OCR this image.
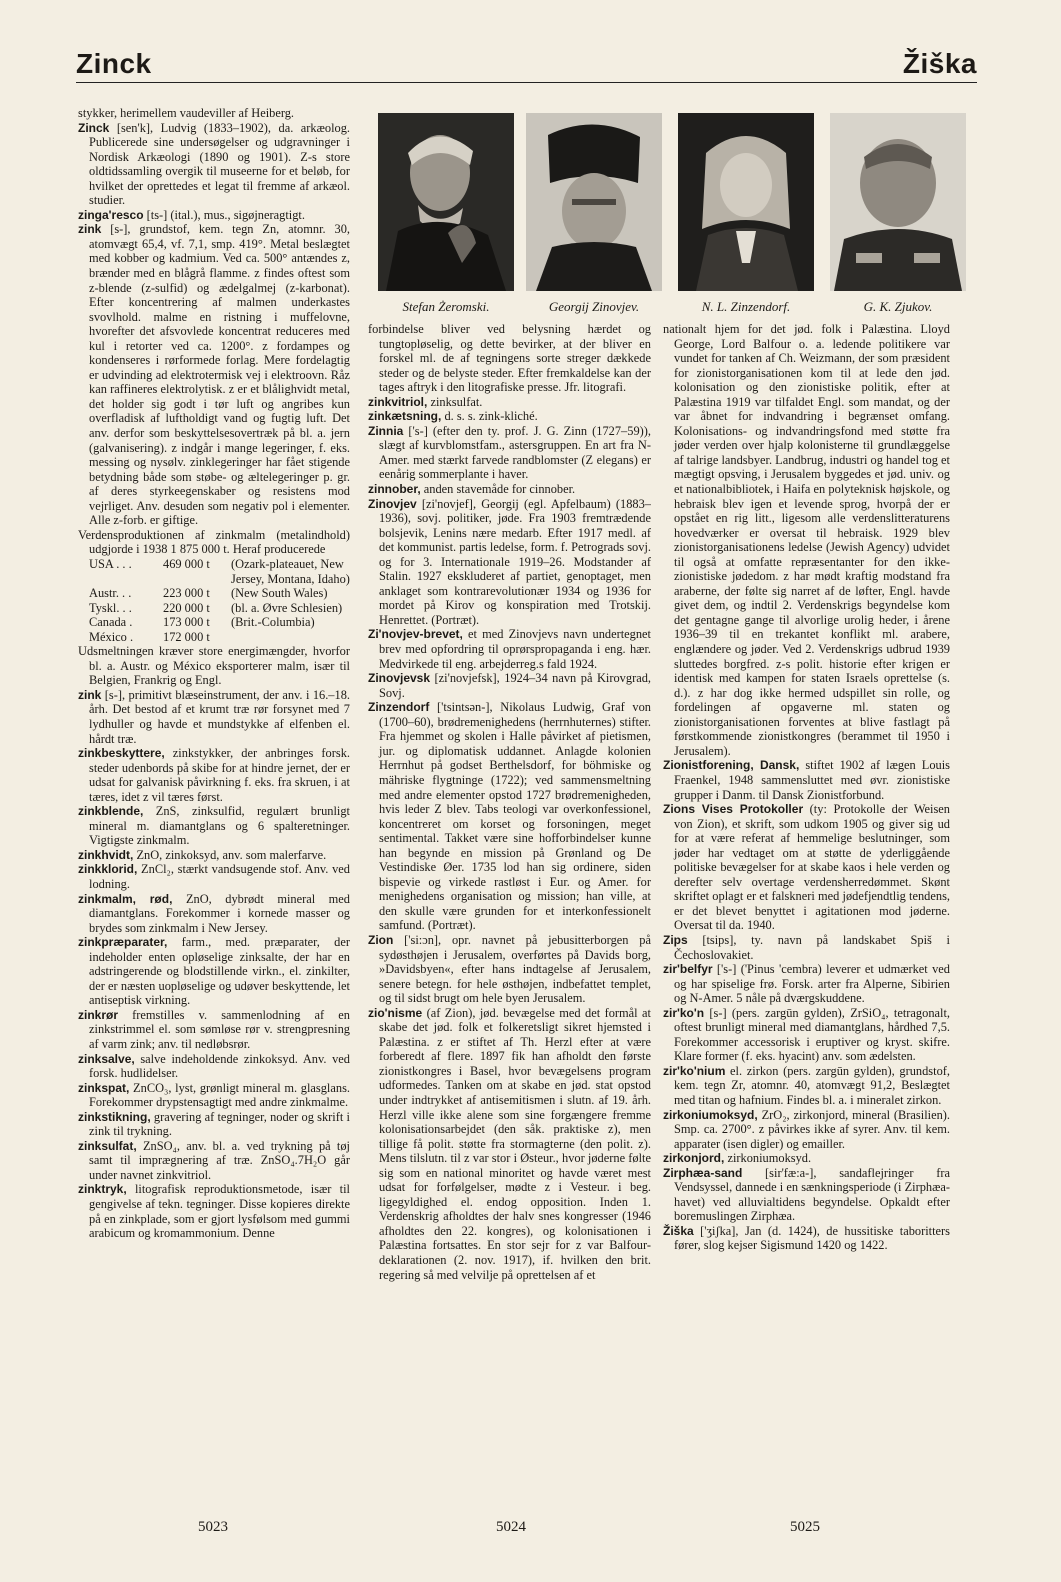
Zinck	Žiška
Stefan Żeromski.	Georgij Zinovjev.	N. L. Zinzendorf.	G. K. Zjukov.
stykker, herimellem vaudeviller af Heiberg.
Zinck [sen'k], Ludvig (1833–1902), da. arkæolog. Publicerede sine undersøgelser og udgravninger i Nordisk Arkæologi (1890 og 1901). Z-s store oldtidssamling overgik til museerne for et beløb, for hvilket der oprettedes et legat til fremme af arkæol. studier.
zinga'resco [ts-] (ital.), mus., sigøjneragtigt.
zink [s-], grundstof, kem. tegn Zn, atomnr. 30, atomvægt 65,4, vf. 7,1, smp. 419°. Metal beslægtet med kobber og kadmium. Ved ca. 500° antændes z, brænder med en blågrå flamme. z findes oftest som z-blende (z-sulfid) og ædelgalmej (z-karbonat). Efter koncentrering af malmen underkastes svovlhold. malme en ristning i muffelovne, hvorefter det afsvovlede koncentrat reduceres med kul i retorter ved ca. 1200°. z fordampes og kondenseres i rørformede forlag. Mere fordelagtig er udvinding ad elektrotermisk vej i elektroovn. Råz kan raffineres elektrolytisk. z er et blålighvidt metal, det holder sig godt i tør luft og angribes kun overfladisk af luftholdigt vand og fugtig luft. Det anv. derfor som beskyttelsesovertræk på bl. a. jern (galvanisering). z indgår i mange legeringer, f. eks. messing og nysølv. zinklegeringer har fået stigende betydning både som støbe- og æltelegeringer p. gr. af deres styrkeegenskaber og resistens mod vejrliget. Anv. desuden som negativ pol i elementer. Alle z-forb. er giftige.
Verdensproduktionen af zinkmalm (metalindhold) udgjorde i 1938 1 875 000 t. Heraf producerede
USA . . .	469 000 t	(Ozark-plateauet, New Jersey, Montana, Idaho)
Austr. . .	223 000 t	(New South Wales)
Tyskl. . .	220 000 t	(bl. a. Øvre Schlesien)
Canada .	173 000 t	(Brit.-Columbia)
México .	172 000 t
Udsmeltningen kræver store energimængder, hvorfor bl. a. Austr. og México eksporterer malm, især til Belgien, Frankrig og Engl.
zink [s-], primitivt blæseinstrument, der anv. i 16.–18. årh. Det bestod af et krumt træ rør forsynet med 7 lydhuller og havde et mundstykke af elfenben el. hårdt træ.
zinkbeskyttere, zinkstykker, der anbringes forsk. steder udenbords på skibe for at hindre jernet, der er udsat for galvanisk påvirkning f. eks. fra skruen, i at tæres, idet z vil tæres først.
zinkblende, ZnS, zinksulfid, regulært brunligt mineral m. diamantglans og 6 spalteretninger. Vigtigste zinkmalm.
zinkhvidt, ZnO, zinkoksyd, anv. som malerfarve.
zinkklorid, ZnCl₂, stærkt vandsugende stof. Anv. ved lodning.
zinkmalm, rød, ZnO, dybrødt mineral med diamantglans. Forekommer i kornede masser og brydes som zinkmalm i New Jersey.
zinkpræparater, farm., med. præparater, der indeholder enten opløselige zinksalte, der har en adstringerende og blodstillende virkn., el. zinkilter, der er næsten uopløselige og udøver beskyttende, let antiseptisk virkning.
zinkrør fremstilles v. sammenlodning af en zinkstrimmel el. som sømløse rør v. strengpresning af varm zink; anv. til nedløbsrør.
zinksalve, salve indeholdende zinkoksyd. Anv. ved forsk. hudlidelser.
zinkspat, ZnCO₃, lyst, grønligt mineral m. glasglans. Forekommer drypstensagtigt med andre zinkmalme.
zinkstikning, gravering af tegninger, noder og skrift i zink til trykning.
zinksulfat, ZnSO₄, anv. bl. a. ved trykning på tøj samt til imprægnering af træ. ZnSO₄.7H₂O går under navnet zinkvitriol.
zinktryk, litografisk reproduktionsmetode, især til gengivelse af tekn. tegninger. Disse kopieres direkte på en zinkplade, som er gjort lysfølsom med gummi arabicum og kromammonium. Denne
forbindelse bliver ved belysning hærdet og tungtopløselig, og dette bevirker, at der bliver en forskel ml. de af tegningens sorte streger dækkede steder og de belyste steder. Efter fremkaldelse kan der tages aftryk i den litografiske presse. Jfr. litografi.
zinkvitriol, zinksulfat.
zinkætsning, d. s. s. zink-kliché.
Zinnia ['s-] (efter den ty. prof. J. G. Zinn (1727–59)), slægt af kurvblomstfam., astersgruppen. En art fra N-Amer. med stærkt farvede randblomster (Z elegans) er eenårig sommerplante i haver.
zinnober, anden stavemåde for cinnober.
Zinovjev [zi'novjef], Georgij (egl. Apfelbaum) (1883–1936), sovj. politiker, jøde. Fra 1903 fremtrædende bolsjevik, Lenins nære medarb. Efter 1917 medl. af det kommunist. partis ledelse, form. f. Petrograds sovj. og for 3. Internationale 1919–26. Modstander af Stalin. 1927 ekskluderet af partiet, genoptaget, men anklaget som kontrarevolutionær 1934 og 1936 for mordet på Kirov og konspiration med Trotskij. Henrettet. (Portræt).
Zi'novjev-brevet, et med Zinovjevs navn undertegnet brev med opfordring til oprørspropaganda i eng. hær. Medvirkede til eng. arbejderreg.s fald 1924.
Zinovjevsk [zi'novjefsk], 1924–34 navn på Kirovgrad, Sovj.
Zinzendorf ['tsintsən-], Nikolaus Ludwig, Graf von (1700–60), brødremenighedens (herrnhuternes) stifter. Fra hjemmet og skolen i Halle påvirket af pietismen, jur. og diplomatisk uddannet. Anlagde kolonien Herrnhut på godset Berthelsdorf, for böhmiske og mähriske flygtninge (1722); ved sammensmeltning med andre elementer opstod 1727 brødremenigheden, hvis leder Z blev. Tabs teologi var overkonfessionel, koncentreret om korset og forsoningen, meget sentimental. Takket være sine hofforbindelser kunne han begynde en mission på Grønland og De Vestindiske Øer. 1735 lod han sig ordinere, siden bispevie og virkede rastløst i Eur. og Amer. for menighedens organisation og mission; han ville, at den skulle være grunden for et interkonfessionelt samfund. (Portræt).
Zion ['si:ɔn], opr. navnet på jebusitterborgen på sydøsthøjen i Jerusalem, overførtes på Davids borg, »Davidsbyen«, efter hans indtagelse af Jerusalem, senere betegn. for hele østhøjen, indbefattet templet, og til sidst brugt om hele byen Jerusalem.
zio'nisme (af Zion), jød. bevægelse med det formål at skabe det jød. folk et folkeretsligt sikret hjemsted i Palæstina. z er stiftet af Th. Herzl efter at være forberedt af flere. 1897 fik han afholdt den første zionistkongres i Basel, hvor bevægelsens program udformedes. Tanken om at skabe en jød. stat opstod under indtrykket af antisemitismen i slutn. af 19. årh. Herzl ville ikke alene som sine forgængere fremme kolonisationsarbejdet (den såk. praktiske z), men tillige få polit. støtte fra stormagterne (den polit. z). Mens tilslutn. til z var stor i Østeur., hvor jøderne følte sig som en national minoritet og havde været mest udsat for forfølgelser, mødte z i Vesteur. i beg. ligegyldighed el. endog opposition. Inden 1. Verdenskrig afholdtes der halv snes kongresser (1946 afholdtes den 22. kongres), og kolonisationen i Palæstina fortsattes. En stor sejr for z var Balfour-deklarationen (2. nov. 1917), if. hvilken den brit. regering så med velvilje på oprettelsen af et
nationalt hjem for det jød. folk i Palæstina. Lloyd George, Lord Balfour o. a. ledende politikere var vundet for tanken af Ch. Weizmann, der som præsident for zionistorganisationen kom til at lede den jød. kolonisation og den zionistiske politik, efter at Palæstina 1919 var tilfaldet Engl. som mandat, og der var åbnet for indvandring i begrænset omfang. Kolonisations- og indvandringsfond med støtte fra jøder verden over hjalp kolonisterne til grundlæggelse af talrige landsbyer. Landbrug, industri og handel tog et mægtigt opsving, i Jerusalem byggedes et jød. univ. og et nationalbibliotek, i Haifa en polyteknisk højskole, og hebraisk blev igen et levende sprog, hvorpå der er opstået en rig litt., ligesom alle verdenslitteraturens hovedværker er oversat til hebraisk. 1929 blev zionistorganisationens ledelse (Jewish Agency) udvidet til også at omfatte repræsentanter for den ikke-zionistiske jødedom. z har mødt kraftig modstand fra araberne, der følte sig narret af de løfter, Engl. havde givet dem, og indtil 2. Verdenskrigs begyndelse kom det gentagne gange til alvorlige urolig heder, i årene 1936–39 til en trekantet konflikt ml. arabere, englændere og jøder. Ved 2. Verdenskrigs udbrud 1939 sluttedes borgfred. z-s polit. historie efter krigen er identisk med kampen for staten Israels oprettelse (s. d.). z har dog ikke hermed udspillet sin rolle, og fordelingen af opgaverne ml. staten og zionistorganisationen forventes at blive fastlagt på førstkommende zionistkongres (berammet til 1950 i Jerusalem).
Zionistforening, Dansk, stiftet 1902 af lægen Louis Fraenkel, 1948 sammensluttet med øvr. zionistiske grupper i Danm. til Dansk Zionistforbund.
Zions Vises Protokoller (ty: Protokolle der Weisen von Zion), et skrift, som udkom 1905 og giver sig ud for at være referat af hemmelige beslutninger, som jøder har vedtaget om at støtte de yderliggående politiske bevægelser for at skabe kaos i hele verden og derefter selv overtage verdensherredømmet. Skønt skriftet oplagt er et falskneri med jødefjendtlig tendens, er det blevet benyttet i agitationen mod jøderne. Oversat til da. 1940.
Zips [tsips], ty. navn på landskabet Spiš i Čechoslovakiet.
zir'belfyr ['s-] ('Pinus 'cembra) leverer et udmærket ved og har spiselige frø. Forsk. arter fra Alperne, Sibirien og N-Amer. 5 nåle på dværgskuddene.
zir'ko'n [s-] (pers. zargūn gylden), ZrSiO₄, tetragonalt, oftest brunligt mineral med diamantglans, hårdhed 7,5. Forekommer accessorisk i eruptiver og kryst. skifre. Klare former (f. eks. hyacint) anv. som ædelsten.
zir'ko'nium el. zirkon (pers. zargūn gylden), grundstof, kem. tegn Zr, atomnr. 40, atomvægt 91,2, Beslægtet med titan og hafnium. Findes bl. a. i mineralet zirkon.
zirkoniumoksyd, ZrO₂, zirkonjord, mineral (Brasilien). Smp. ca. 2700°. z påvirkes ikke af syrer. Anv. til kem. apparater (isen digler) og emailler.
zirkonjord, zirkoniumoksyd.
Zirphæa-sand [sir'fæ:a-], sandaflejringer fra Vendsyssel, dannede i en sænkningsperiode (i Zirphæa-havet) ved alluvialtidens begyndelse. Opkaldt efter boremuslingen Zirphæa.
Žiška ['ʒiʃka], Jan (d. 1424), de hussitiske taboritters fører, slog kejser Sigismund 1420 og 1422.
5023	5024	5025
